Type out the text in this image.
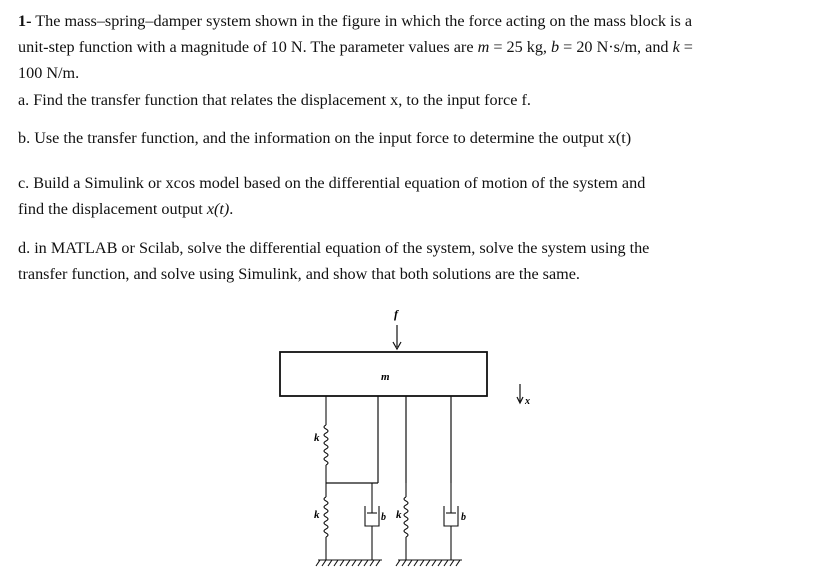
1- The mass–spring–damper system shown in the figure in which the force acting on the mass block is a
unit-step function with a magnitude of 10 N. The parameter values are m = 25 kg, b = 20 N·s/m, and k =
100 N/m.
a. Find the transfer function that relates the displacement x, to the input force f.
b. Use the transfer function, and the information on the input force to determine the output x(t)
c. Build a Simulink or xcos model based on the differential equation of motion of the system and
find the displacement output x(t).
d. in MATLAB or Scilab, solve the differential equation of the system, solve the system using the
transfer function, and solve using Simulink, and show that both solutions are the same.
f
m
x
k
k	b k	b
